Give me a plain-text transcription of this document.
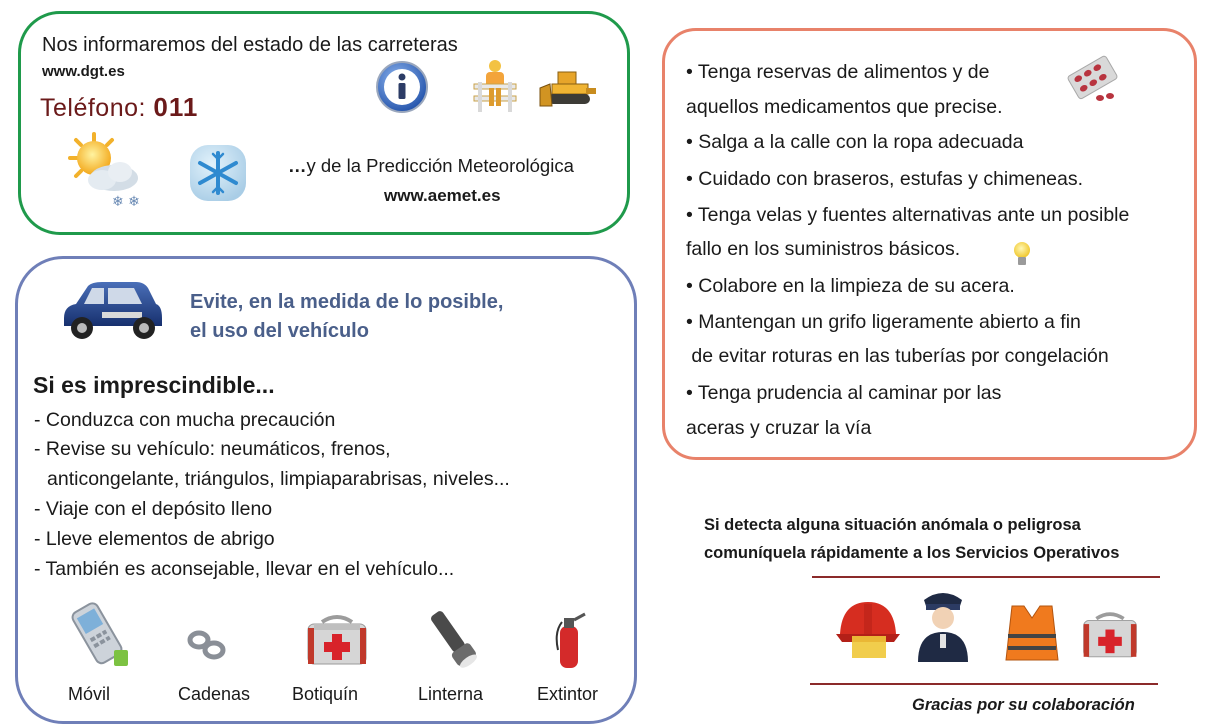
Nos informaremos del estado de las carreteras
www.dgt.es
Teléfono: 011
❄ ❄
…y de la Predicción Meteorológica
www.aemet.es
Evite, en la medida de lo posible,
el uso del vehículo
Si es imprescindible...
- Conduzca con mucha precaución
- Revise su vehículo: neumáticos, frenos,
anticongelante, triángulos, limpiaparabrisas, niveles...
- Viaje con el depósito lleno
- Lleve elementos de abrigo
- También es aconsejable, llevar en el vehículo...
Móvil	Cadenas Botiquín	Linterna	Extintor
• Tenga reservas de alimentos y de
aquellos medicamentos que precise.
• Salga a la calle con la ropa adecuada
• Cuidado con braseros, estufas y chimeneas.
• Tenga velas y fuentes alternativas ante un posible
fallo en los suministros básicos.
• Colabore en la limpieza de su acera.
• Mantengan un grifo ligeramente abierto a fin
de evitar roturas en las tuberías por congelación
• Tenga prudencia al caminar por las
aceras y cruzar la vía
Si detecta alguna situación anómala o peligrosa
comuníquela rápidamente a los Servicios Operativos
Gracias por su colaboración
